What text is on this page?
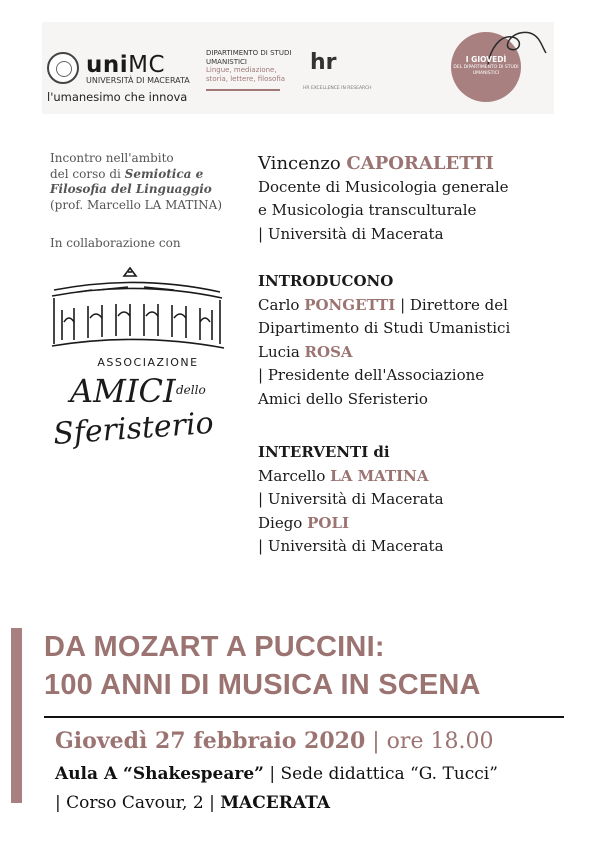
uniMC
UNIVERSITÀ DI MACERATA
l'umanesimo che innova
DIPARTIMENTO DI STUDI UMANISTICI
Lingue, mediazione, storia, lettere, filosofia
hr
HR EXCELLENCE IN RESEARCH
I GIOVEDÌ
DEL DIPARTIMENTO DI STUDI UMANISTICI
Incontro nell'ambito
del corso di Semiotica e
Filosofia del Linguaggio
(prof. Marcello LA MATINA)
In collaborazione con
ASSOCIAZIONE
AMICI dello
Sferisterio
Vincenzo CAPORALETTI
Docente di Musicologia generale
e Musicologia transculturale
| Università di Macerata
INTRODUCONO
Carlo PONGETTI | Direttore del
Dipartimento di Studi Umanistici
Lucia ROSA
| Presidente dell'Associazione
Amici dello Sferisterio
INTERVENTI di
Marcello LA MATINA
| Università di Macerata
Diego POLI
| Università di Macerata
DA MOZART A PUCCINI:
100 ANNI DI MUSICA IN SCENA
Giovedì 27 febbraio 2020 | ore 18.00
Aula A “Shakespeare” | Sede didattica “G. Tucci”
| Corso Cavour, 2 | MACERATA
